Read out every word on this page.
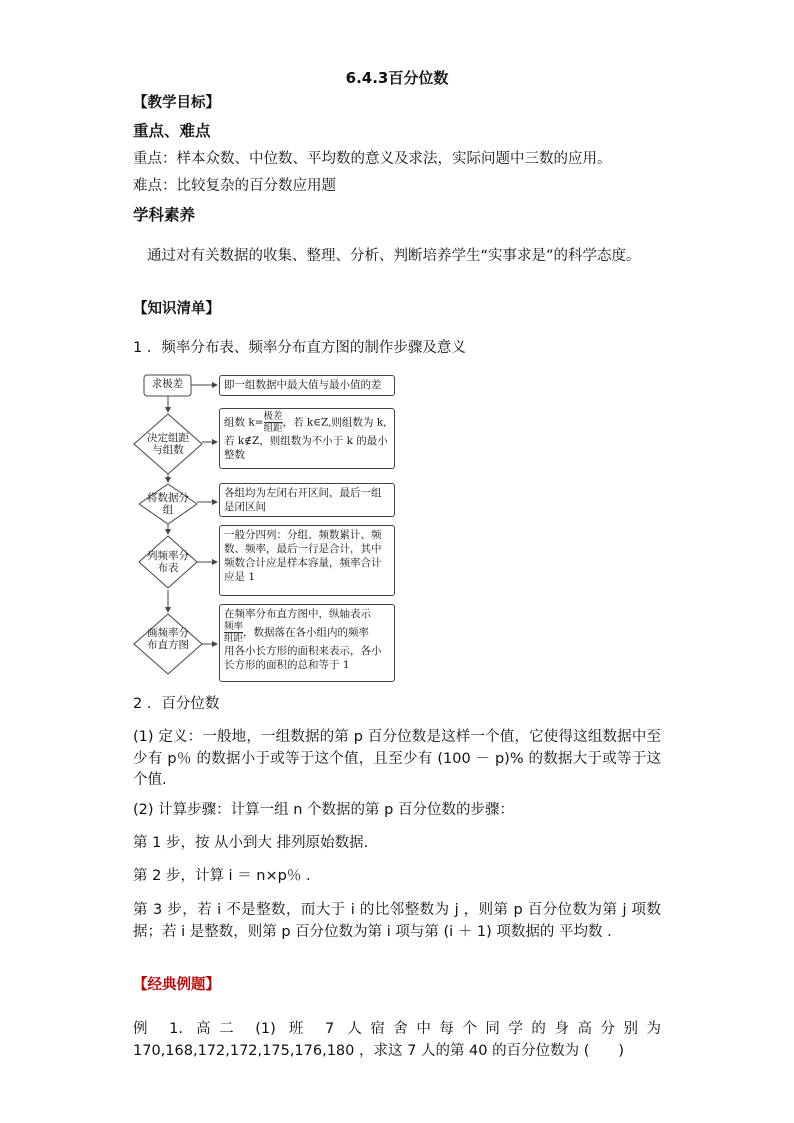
6.4.3百分位数
【教学目标】
重点、难点
重点：样本众数、中位数、平均数的意义及求法，实际问题中三数的应用。
难点：比较复杂的百分数应用题
学科素养
通过对有关数据的收集、整理、分析、判断培养学生“实事求是”的科学态度。
【知识清单】
1 ．频率分布表、频率分布直方图的制作步骤及意义
求极差
决定组距与组数
将数据分组
列频率分布表
画频率分布直方图
即一组数据中最大值与最小值的差
组数 k= 极差
组距 ，若 k∈Z,则组数为 k,
若 k∉Z，则组数为不小于 k 的最小
整数
各组均为左闭右开区间，最后一组是闭区间
一般分四列：分组、频数累计、频数、频率，最后一行是合计，其中频数合计应是样本容量，频率合计应是 1
在频率分布直方图中，纵轴表示

频率
组距 ，数据落在各小组内的频率

用各小长方形的面积来表示，各小长方形的面积的总和等于 1
2 ．百分位数
(1) 定义：一般地，一组数据的第 p 百分位数是这样一个值，它使得这组数据中至少有 p％ 的数据小于或等于这个值，且至少有 (100 － p)% 的数据大于或等于这个值.
(2) 计算步骤：计算一组 n 个数据的第 p 百分位数的步骤：
第 1 步，按 从小到大 排列原始数据.
第 2 步，计算 i ＝ n×p％ .
第 3 步，若 i 不是整数，而大于 i 的比邻整数为 j ，则第 p 百分位数为第 j 项数据；若 i 是整数，则第 p 百分位数为第 i 项与第 (i ＋ 1) 项数据的 平均数 .
【经典例题】
例 1. 高二 (1) 班 7 人宿舍中每个同学的身高分别为 170,168,172,172,175,176,180 ，求这 7 人的第 40 的百分位数为 (　　)
